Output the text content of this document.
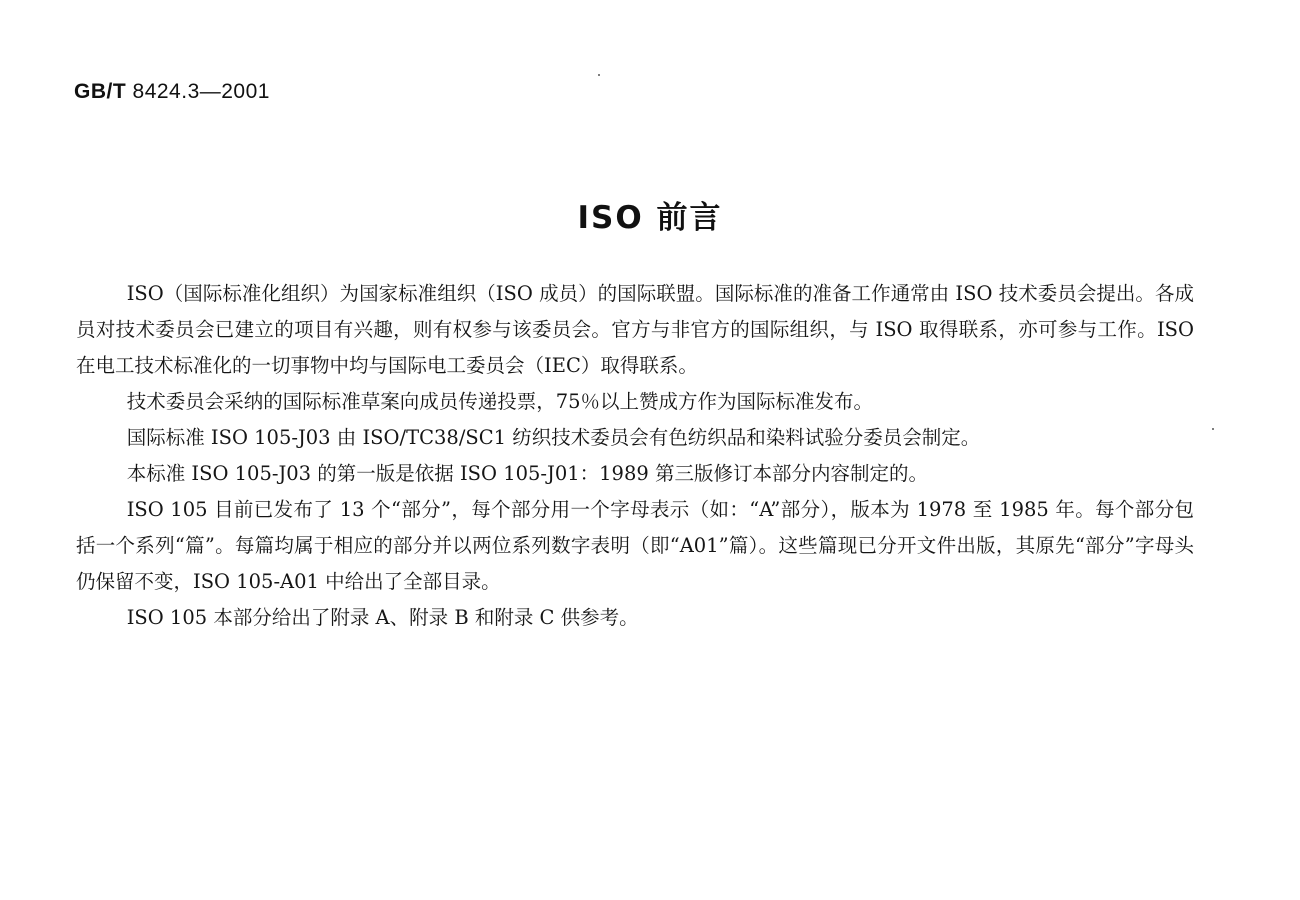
GB/T 8424.3—2001
ISO 前言

ISO（国际标准化组织）为国家标准组织（ISO 成员）的国际联盟。国际标准的准备工作通常由 ISO 技术委员会提出。各成员对技术委员会已建立的项目有兴趣，则有权参与该委员会。官方与非官方的国际组织，与 ISO 取得联系，亦可参与工作。ISO 在电工技术标准化的一切事物中均与国际电工委员会（IEC）取得联系。

技术委员会采纳的国际标准草案向成员传递投票，75％以上赞成方作为国际标准发布。

国际标准 ISO 105-J03 由 ISO/TC38/SC1 纺织技术委员会有色纺织品和染料试验分委员会制定。

本标准 ISO 105-J03 的第一版是依据 ISO 105-J01：1989 第三版修订本部分内容制定的。

ISO 105 目前已发布了 13 个“部分”，每个部分用一个字母表示（如：“A”部分），版本为 1978 至 1985 年。每个部分包括一个系列“篇”。每篇均属于相应的部分并以两位系列数字表明（即“A01”篇）。这些篇现已分开文件出版，其原先“部分”字母头仍保留不变，ISO 105-A01 中给出了全部目录。

ISO 105 本部分给出了附录 A、附录 B 和附录 C 供参考。
